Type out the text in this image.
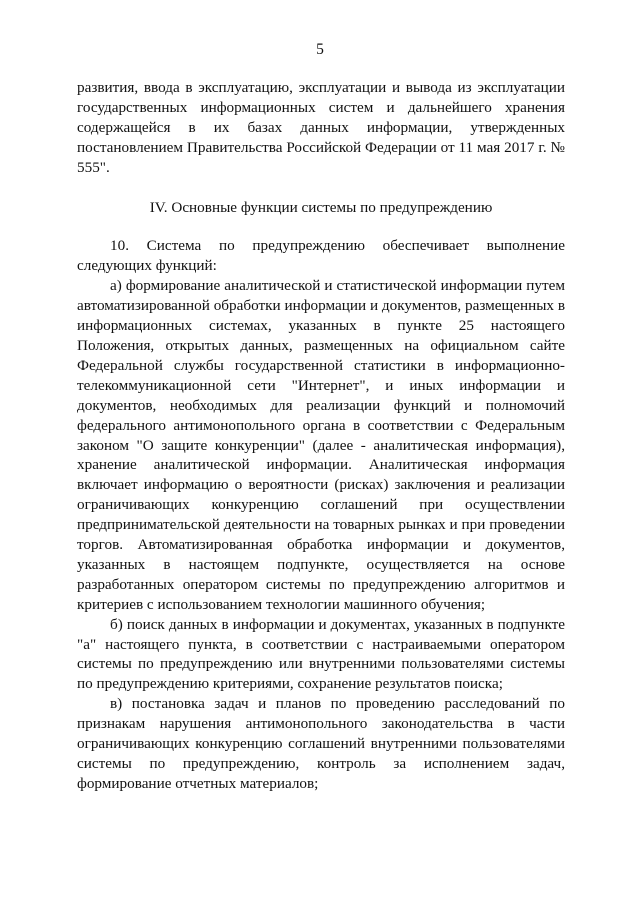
5

развития, ввода в эксплуатацию, эксплуатации и вывода из эксплуатации государственных информационных систем и дальнейшего хранения содержащейся в их базах данных информации, утвержденных постановлением Правительства Российской Федерации от 11 мая 2017 г. № 555".

IV. Основные функции системы по предупреждению

10. Система по предупреждению обеспечивает выполнение следующих функций:

а) формирование аналитической и статистической информации путем автоматизированной обработки информации и документов, размещенных в информационных системах, указанных в пункте 25 настоящего Положения, открытых данных, размещенных на официальном сайте Федеральной службы государственной статистики в информационно-телекоммуникационной сети "Интернет", и иных информации и документов, необходимых для реализации функций и полномочий федерального антимонопольного органа в соответствии с Федеральным законом "О защите конкуренции" (далее - аналитическая информация), хранение аналитической информации. Аналитическая информация включает информацию о вероятности (рисках) заключения и реализации ограничивающих конкуренцию соглашений при осуществлении предпринимательской деятельности на товарных рынках и при проведении торгов. Автоматизированная обработка информации и документов, указанных в настоящем подпункте, осуществляется на основе разработанных оператором системы по предупреждению алгоритмов и критериев с использованием технологии машинного обучения;

б) поиск данных в информации и документах, указанных в подпункте "а" настоящего пункта, в соответствии с настраиваемыми оператором системы по предупреждению или внутренними пользователями системы по предупреждению критериями, сохранение результатов поиска;

в) постановка задач и планов по проведению расследований по признакам нарушения антимонопольного законодательства в части ограничивающих конкуренцию соглашений внутренними пользователями системы по предупреждению, контроль за исполнением задач, формирование отчетных материалов;
